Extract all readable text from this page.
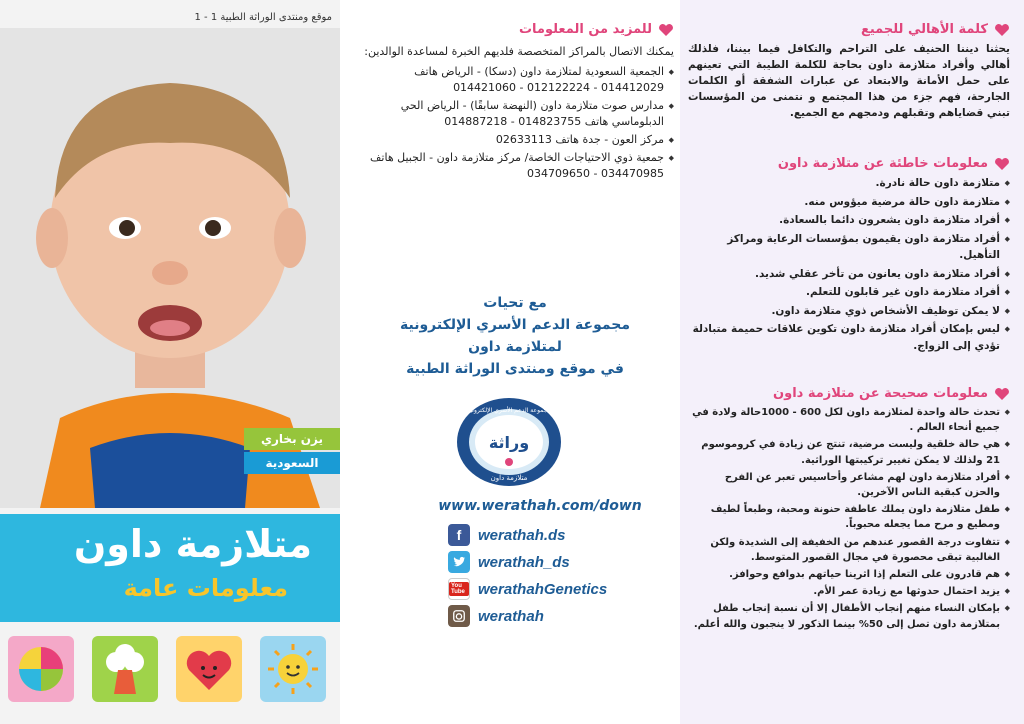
موقع ومنتدى الوراثة الطبية 1 - 1
يزن بخاري
السعودية
متلازمة داون
معلومات عامة
للمزيد من المعلومات

يمكنك الاتصال بالمراكز المتخصصة فلديهم الخبرة لمساعدة الوالدين:

◆ الجمعية السعودية لمتلازمة داون (دسكا) - الرياض هاتف 014412029 - 012122224 - 014421060
◆ مدارس صوت متلازمة داون (النهضة سابقًا) - الرياض الحي الدبلوماسي هاتف 014823755 - 014887218
◆ مركز العون - جدة هاتف 02633113
◆ جمعية ذوي الاحتياجات الخاصة/ مركز متلازمة داون - الجبيل هاتف 034470985 - 034709650
مع تحيات
مجموعة الدعم الأسري الإلكترونية
لمتلازمة داون
في موقع ومنتدى الوراثة الطبية
وراثة
مجموعة الدعم الأسري الإلكترونية
متلازمة داون
www.werathah.com/down
f	werathah.ds
werathah_ds
You Tube werathahGenetics
werathah
كلمة الأهالي للجميع

يحثنا ديننا الحنيف على التراحم والتكافل فيما بيننا، فلذلك أهالي وأفراد متلازمة داون بحاجة للكلمة الطيبة التي تعينهم على حمل الأمانة والابتعاد عن عبارات الشفقة أو الكلمات الجارحة، فهم جزء من هذا المجتمع و نتمنى من المؤسسات تبني قضاياهم وتقبلهم ودمجهم مع الجميع.

معلومات خاطئة عن متلازمة داون
◆ متلازمة داون حالة نادرة.
◆ متلازمة داون حالة مرضية ميؤوس منه.
◆ أفراد متلازمة داون يشعرون دائما بالسعادة.
◆ أفراد متلازمة داون يقيمون بمؤسسات الرعاية ومراكز التأهيل.
◆ أفراد متلازمة داون يعانون من تأخر عقلي شديد.
◆ أفراد متلازمة داون غير قابلون للتعلم.
◆ لا يمكن توظيف الأشخاص ذوي متلازمة داون.
◆ ليس بإمكان أفراد متلازمة داون تكوين علاقات حميمة متبادلة تؤدي إلى الزواج.
معلومات صحيحة عن متلازمة داون
◆ تحدث حالة واحدة لمتلازمة داون لكل 600 - 1000حالة ولادة في جميع أنحاء العالم .
◆ هي حالة خلقية وليست مرضية، تنتج عن زيادة في كروموسوم 21 ولذلك لا يمكن تغيير تركيبتها الوراثية.
◆ أفراد متلازمة داون لهم مشاعر وأحاسيس تعبر عن الفرح والحزن كبقية الناس الآخرين.
◆ طفل متلازمة داون يملك عاطفة حنونة ومحبة، وطبعاً لطيف ومطيع و مرح مما يجعله محبوباً.
◆ تتفاوت درجة القصور عندهم من الخفيفة إلى الشديدة ولكن الغالبية تبقى محصورة في مجال القصور المتوسط.
◆ هم قادرون على التعلم إذا اثرينا حياتهم بدوافع وحوافز.
◆ يزيد احتمال حدوثها مع زيادة عمر الأم.
◆ بإمكان النساء منهم إنجاب الأطفال إلا أن نسبة إنجاب طفل بمتلازمة داون تصل إلى 50% بينما الذكور لا ينجبون والله أعلم.
